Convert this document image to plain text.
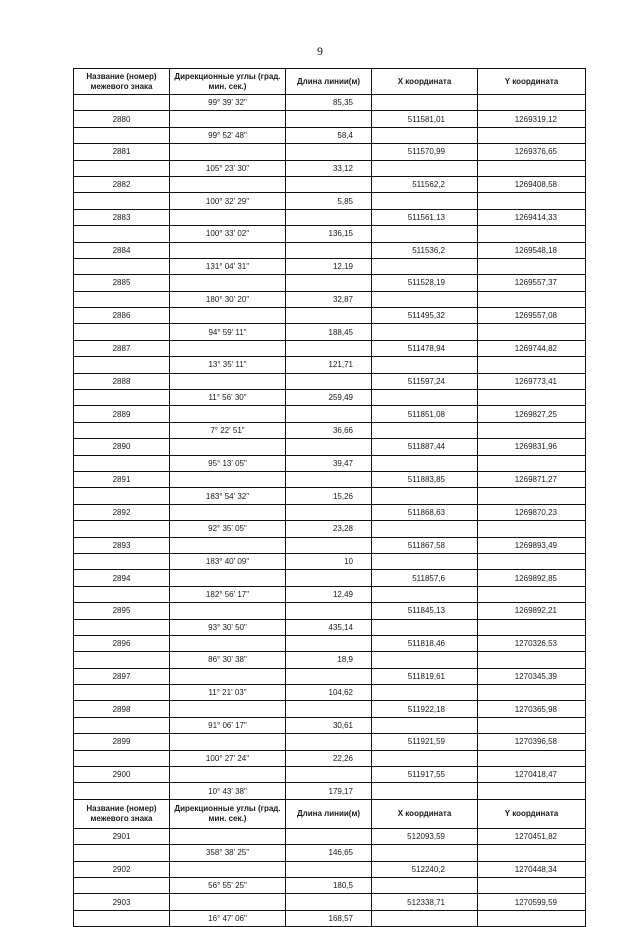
9
Название (номер) межевого знака	Дирекционные углы (град. мин. сек.)	Длина линии(м)	X координата	Y координата
	99° 39' 32"	85,35		
2880			511581,01	1269319,12
	99° 52' 48"	58,4		
2881			511570,99	1269376,65
	105° 23' 30"	33,12		
2882			511562,2	1269408,58
	100° 32' 29"	5,85		
2883			511561,13	1269414,33
	100° 33' 02"	136,15		
2884			511536,2	1269548,18
	131° 04' 31"	12,19		
2885			511528,19	1269557,37
	180° 30' 20"	32,87		
2886			511495,32	1269557,08
	94° 59' 11"	188,45		
2887			511478,94	1269744,82
	13° 35' 11"	121,71		
2888			511597,24	1269773,41
	11° 56' 30"	259,49		
2889			511851,08	1269827,25
	7° 22' 51"	36,66		
2890			511887,44	1269831,96
	95° 13' 05"	39,47		
2891			511883,85	1269871,27
	183° 54' 32"	15,26		
2892			511868,63	1269870,23
	92° 35' 05"	23,28		
2893			511867,58	1269893,49
	183° 40' 09"	10		
2894			511857,6	1269892,85
	182° 56' 17"	12,49		
2895			511845,13	1269892,21
	93° 30' 50"	435,14		
2896			511818,46	1270326,53
	86° 30' 38"	18,9		
2897			511819,61	1270345,39
	11° 21' 03"	104,62		
2898			511922,18	1270365,98
	91° 06' 17"	30,61		
2899			511921,59	1270396,58
	100° 27' 24"	22,26		
2900			511917,55	1270418,47
	10° 43' 38"	179,17		
Название (номер) межевого знака	Дирекционные углы (град. мин. сек.)	Длина линии(м)	X координата	Y координата
2901			512093,59	1270451,82
	358° 38' 25"	146,65		
2902			512240,2	1270448,34
	56° 55' 25"	180,5		
2903			512338,71	1270599,59
	16° 47' 06"	168,57		
